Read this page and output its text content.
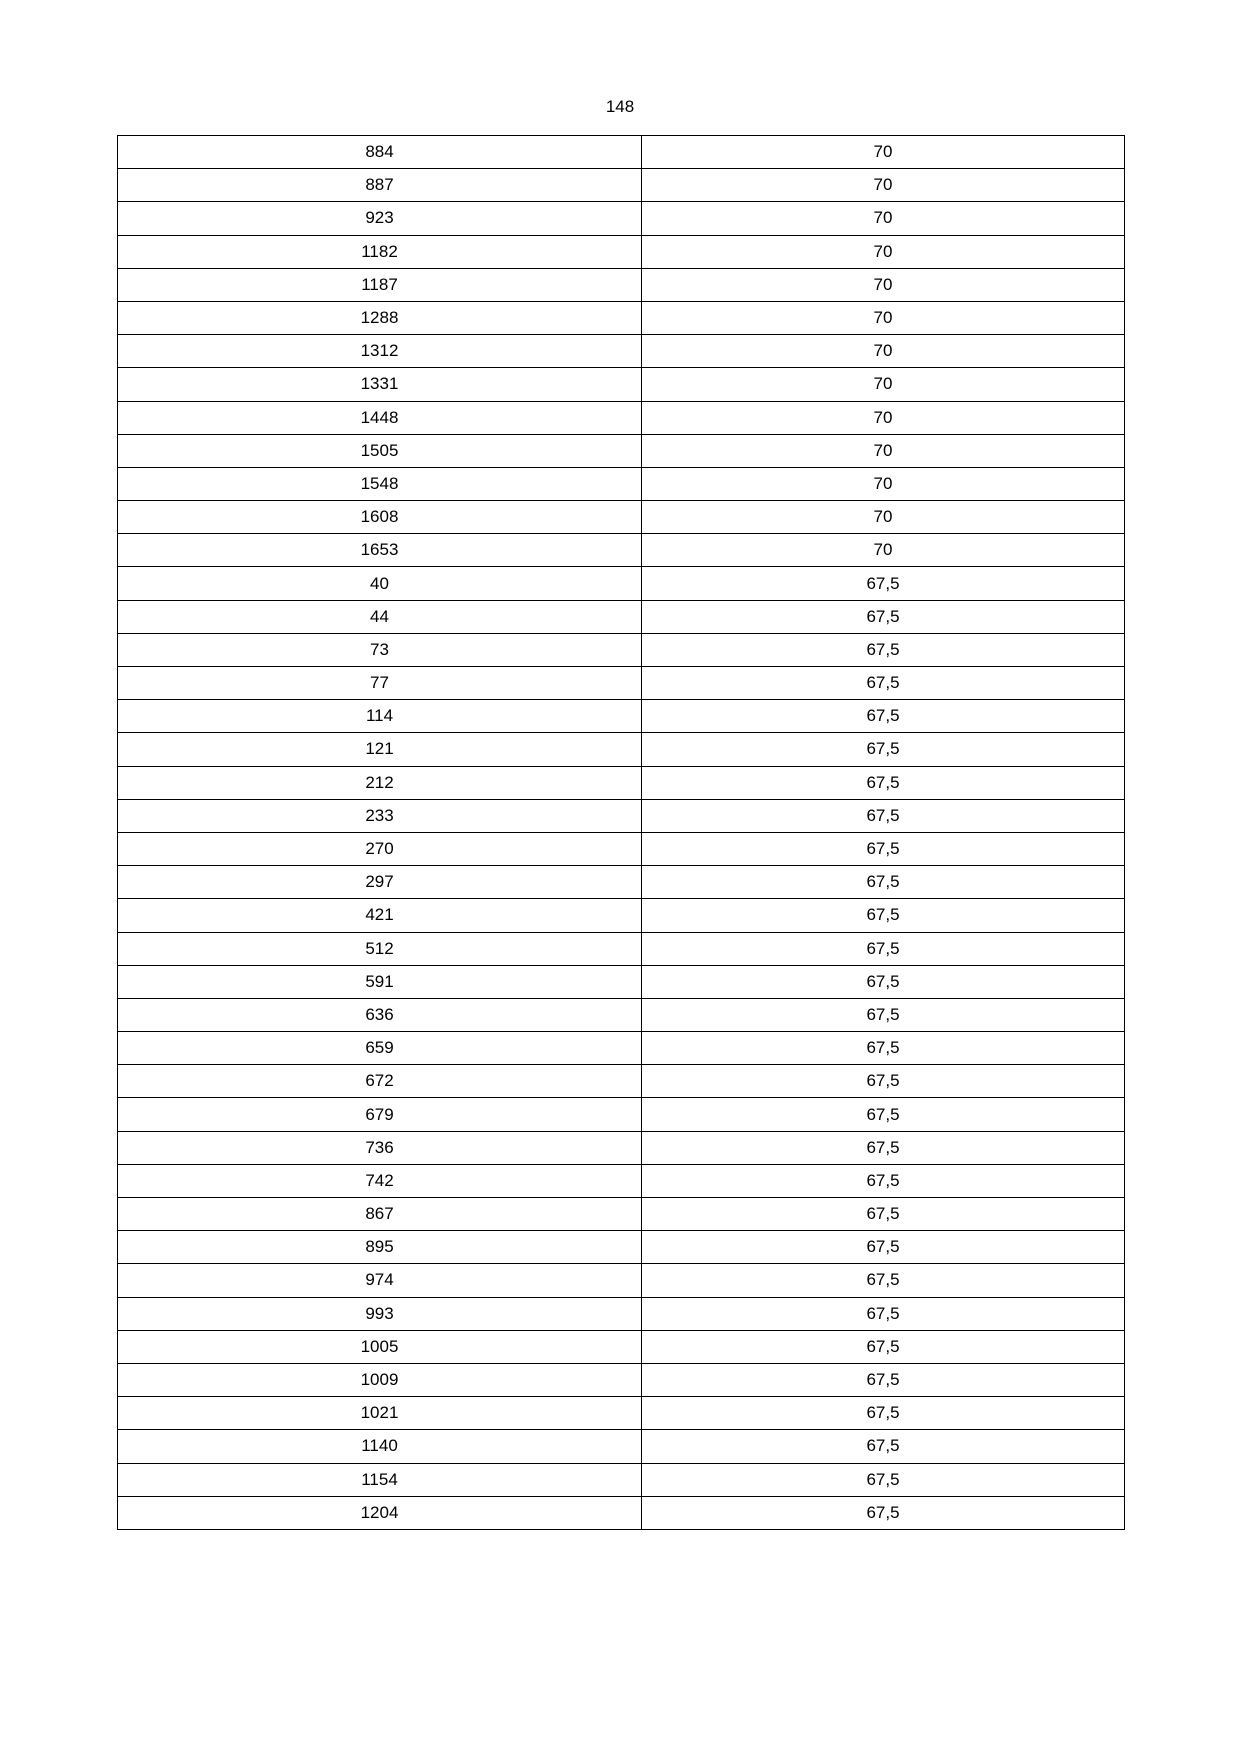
148
884	70
887	70
923	70
1182	70
1187	70
1288	70
1312	70
1331	70
1448	70
1505	70
1548	70
1608	70
1653	70
40	67,5
44	67,5
73	67,5
77	67,5
114	67,5
121	67,5
212	67,5
233	67,5
270	67,5
297	67,5
421	67,5
512	67,5
591	67,5
636	67,5
659	67,5
672	67,5
679	67,5
736	67,5
742	67,5
867	67,5
895	67,5
974	67,5
993	67,5
1005	67,5
1009	67,5
1021	67,5
1140	67,5
1154	67,5
1204	67,5
